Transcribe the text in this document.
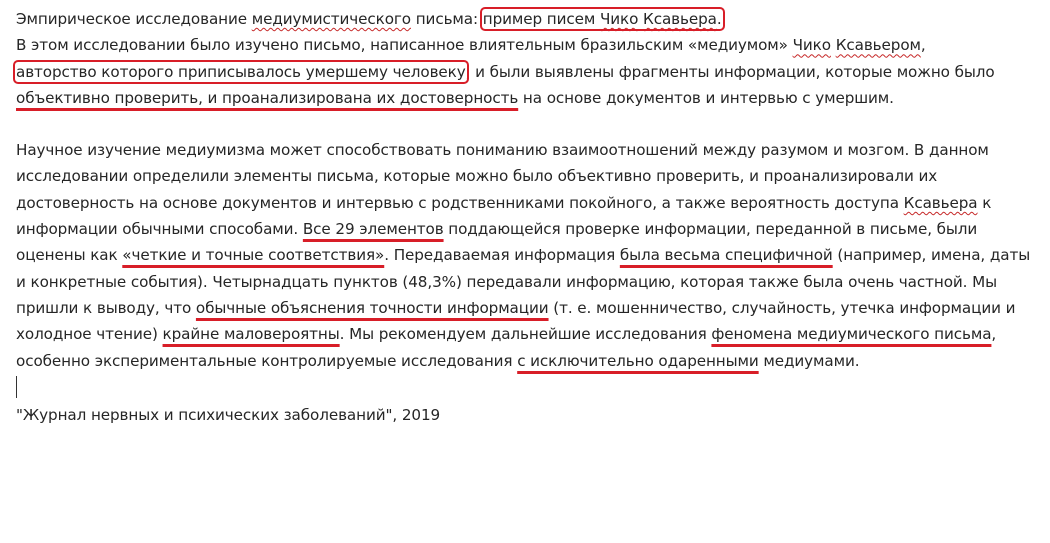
Эмпирическое исследование медиумистического письма: пример писем Чико Ксавьера.

В этом исследовании было изучено письмо, написанное влиятельным бразильским «медиумом» Чико Ксавьером,
авторство которого приписывалось умершему человеку, и были выявлены фрагменты информации, которые можно было
объективно проверить, и проанализирована их достоверность на основе документов и интервью с умершим.

Научное изучение медиумизма может способствовать пониманию взаимоотношений между разумом и мозгом. В данном исследовании определили элементы письма, которые можно было объективно проверить, и проанализировали их достоверность на основе документов и интервью с родственниками покойного, а также вероятность доступа Ксавьера к информации обычными способами. Все 29 элементов поддающейся проверке информации, переданной в письме, были оценены как «четкие и точные соответствия». Передаваемая информация была весьма специфичной (например, имена, даты и конкретные события). Четырнадцать пунктов (48,3%) передавали информацию, которая также была очень частной. Мы пришли к выводу, что обычные объяснения точности информации (т. е. мошенничество, случайность, утечка информации и холодное чтение) крайне маловероятны. Мы рекомендуем дальнейшие исследования феномена медиумического письма, особенно экспериментальные контролируемые исследования с исключительно одаренными медиумами.

"Журнал нервных и психических заболеваний", 2019
